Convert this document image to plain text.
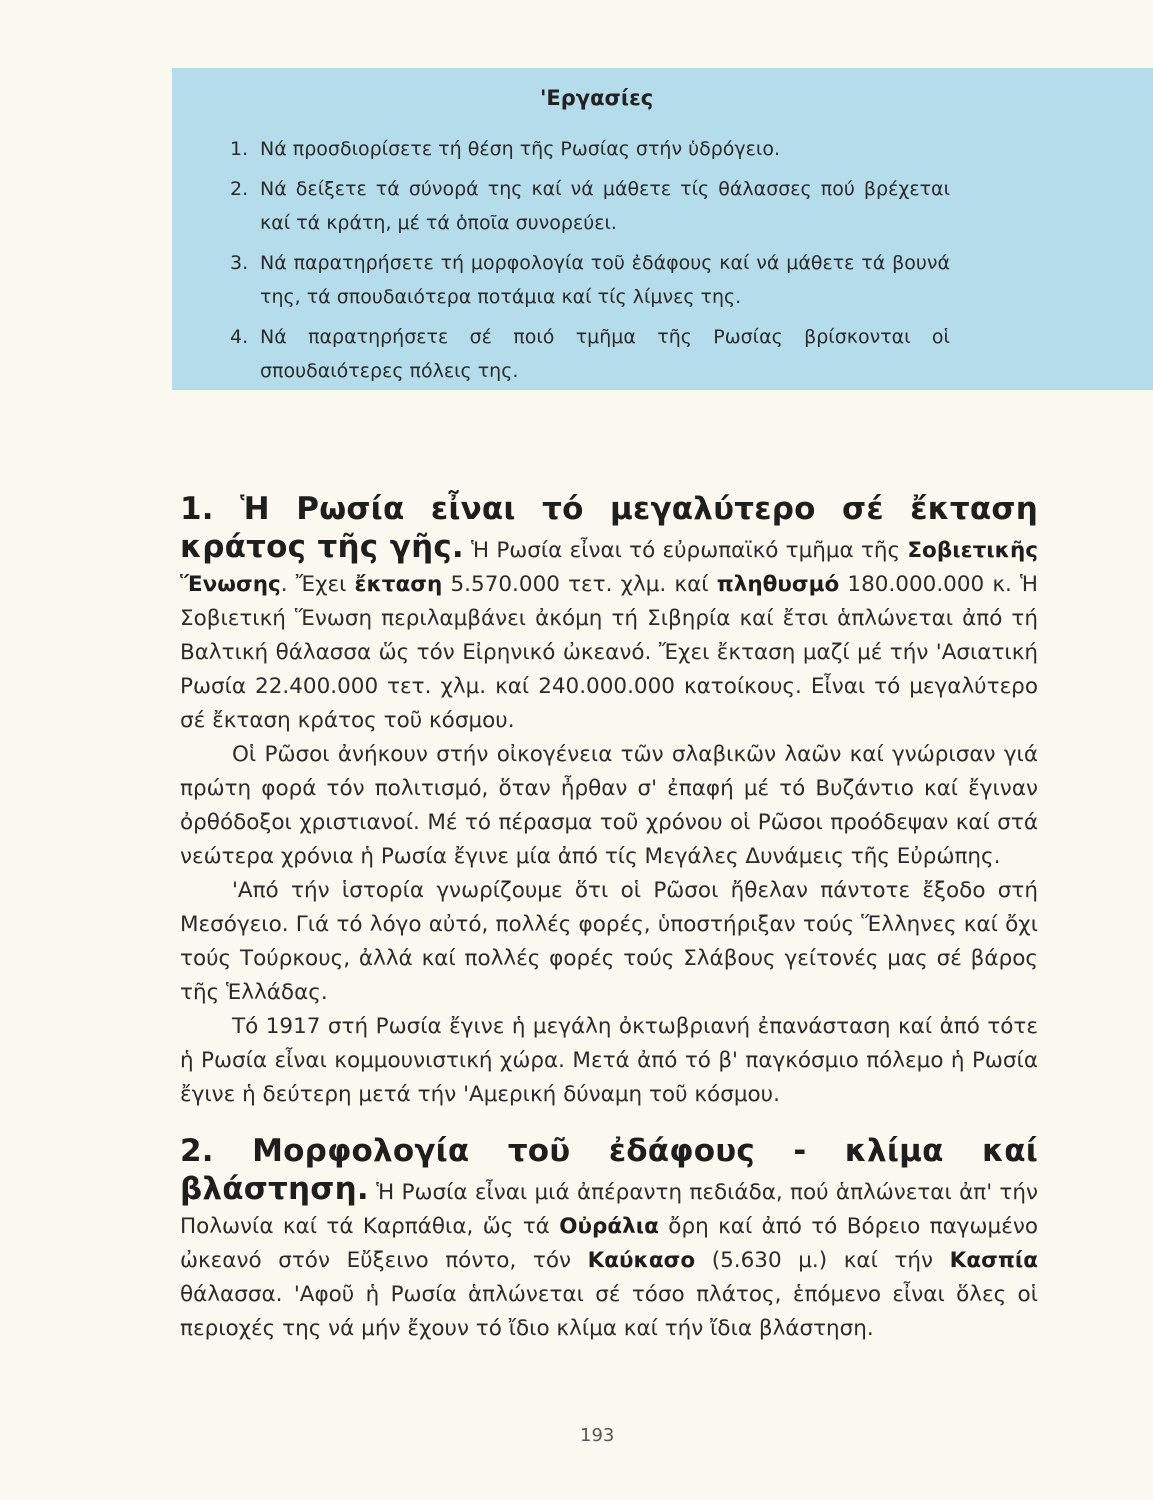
'Εργασίες
1. Νά προσδιορίσετε τή θέση τῆς Ρωσίας στήν ὑδρόγειο.
2. Νά δείξετε τά σύνορά της καί νά μάθετε τίς θάλασσες πού βρέχεται καί τά κράτη, μέ τά ὁποῖα συνορεύει.
3. Νά παρατηρήσετε τή μορφολογία τοῦ ἐδάφους καί νά μάθετε τά βουνά της, τά σπουδαιότερα ποτάμια καί τίς λίμνες της.
4. Νά παρατηρήσετε σέ ποιό τμῆμα τῆς Ρωσίας βρίσκονται οἱ σπουδαιότερες πόλεις της.

1. Ἡ Ρωσία εἶναι τό μεγαλύτερο σέ ἔκταση κράτος τῆς γῆς. Ἡ Ρωσία εἶναι τό εὐρωπαϊκό τμῆμα τῆς Σοβιετικῆς Ἕνωσης. Ἔχει ἔκταση 5.570.000 τετ. χλμ. καί πληθυσμό 180.000.000 κ. Ἡ Σοβιετική Ἕνωση περιλαμβάνει ἀκόμη τή Σιβηρία καί ἔτσι ἁπλώνεται ἀπό τή Βαλτική θάλασσα ὥς τόν Εἰρηνικό ὠκεανό. Ἔχει ἔκταση μαζί μέ τήν 'Ασιατική Ρωσία 22.400.000 τετ. χλμ. καί 240.000.000 κατοίκους. Εἶναι τό μεγαλύτερο σέ ἔκταση κράτος τοῦ κόσμου.

Οἱ Ρῶσοι ἀνήκουν στήν οἰκογένεια τῶν σλαβικῶν λαῶν καί γνώρισαν γιά πρώτη φορά τόν πολιτισμό, ὅταν ἦρθαν σ' ἐπαφή μέ τό Βυζάντιο καί ἔγιναν ὀρθόδοξοι χριστιανοί. Μέ τό πέρασμα τοῦ χρόνου οἱ Ρῶσοι προόδεψαν καί στά νεώτερα χρόνια ἡ Ρωσία ἔγινε μία ἀπό τίς Μεγάλες Δυνάμεις τῆς Εὐρώπης.

'Από τήν ἱστορία γνωρίζουμε ὅτι οἱ Ρῶσοι ἤθελαν πάντοτε ἔξοδο στή Μεσόγειο. Γιά τό λόγο αὐτό, πολλές φορές, ὑποστήριξαν τούς Ἕλληνες καί ὄχι τούς Τούρκους, ἀλλά καί πολλές φορές τούς Σλάβους γείτονές μας σέ βάρος τῆς Ἑλλάδας.

Τό 1917 στή Ρωσία ἔγινε ἡ μεγάλη ὀκτωβριανή ἐπανάσταση καί ἀπό τότε ἡ Ρωσία εἶναι κομμουνιστική χώρα. Μετά ἀπό τό β' παγκόσμιο πόλεμο ἡ Ρωσία ἔγινε ἡ δεύτερη μετά τήν 'Αμερική δύναμη τοῦ κόσμου.

2. Μορφολογία τοῦ ἐδάφους - κλίμα καί βλάστηση. Ἡ Ρωσία εἶναι μιά ἀπέραντη πεδιάδα, πού ἁπλώνεται ἀπ' τήν Πολωνία καί τά Καρπάθια, ὥς τά Οὐράλια ὄρη καί ἀπό τό Βόρειο παγωμένο ὠκεανό στόν Εὔξεινο πόντο, τόν Καύκασο (5.630 μ.) καί τήν Κασπία θάλασσα. 'Αφοῦ ἡ Ρωσία ἁπλώνεται σέ τόσο πλάτος, ἑπόμενο εἶναι ὅλες οἱ περιοχές της νά μήν ἔχουν τό ἴδιο κλίμα καί τήν ἴδια βλάστηση.

193
